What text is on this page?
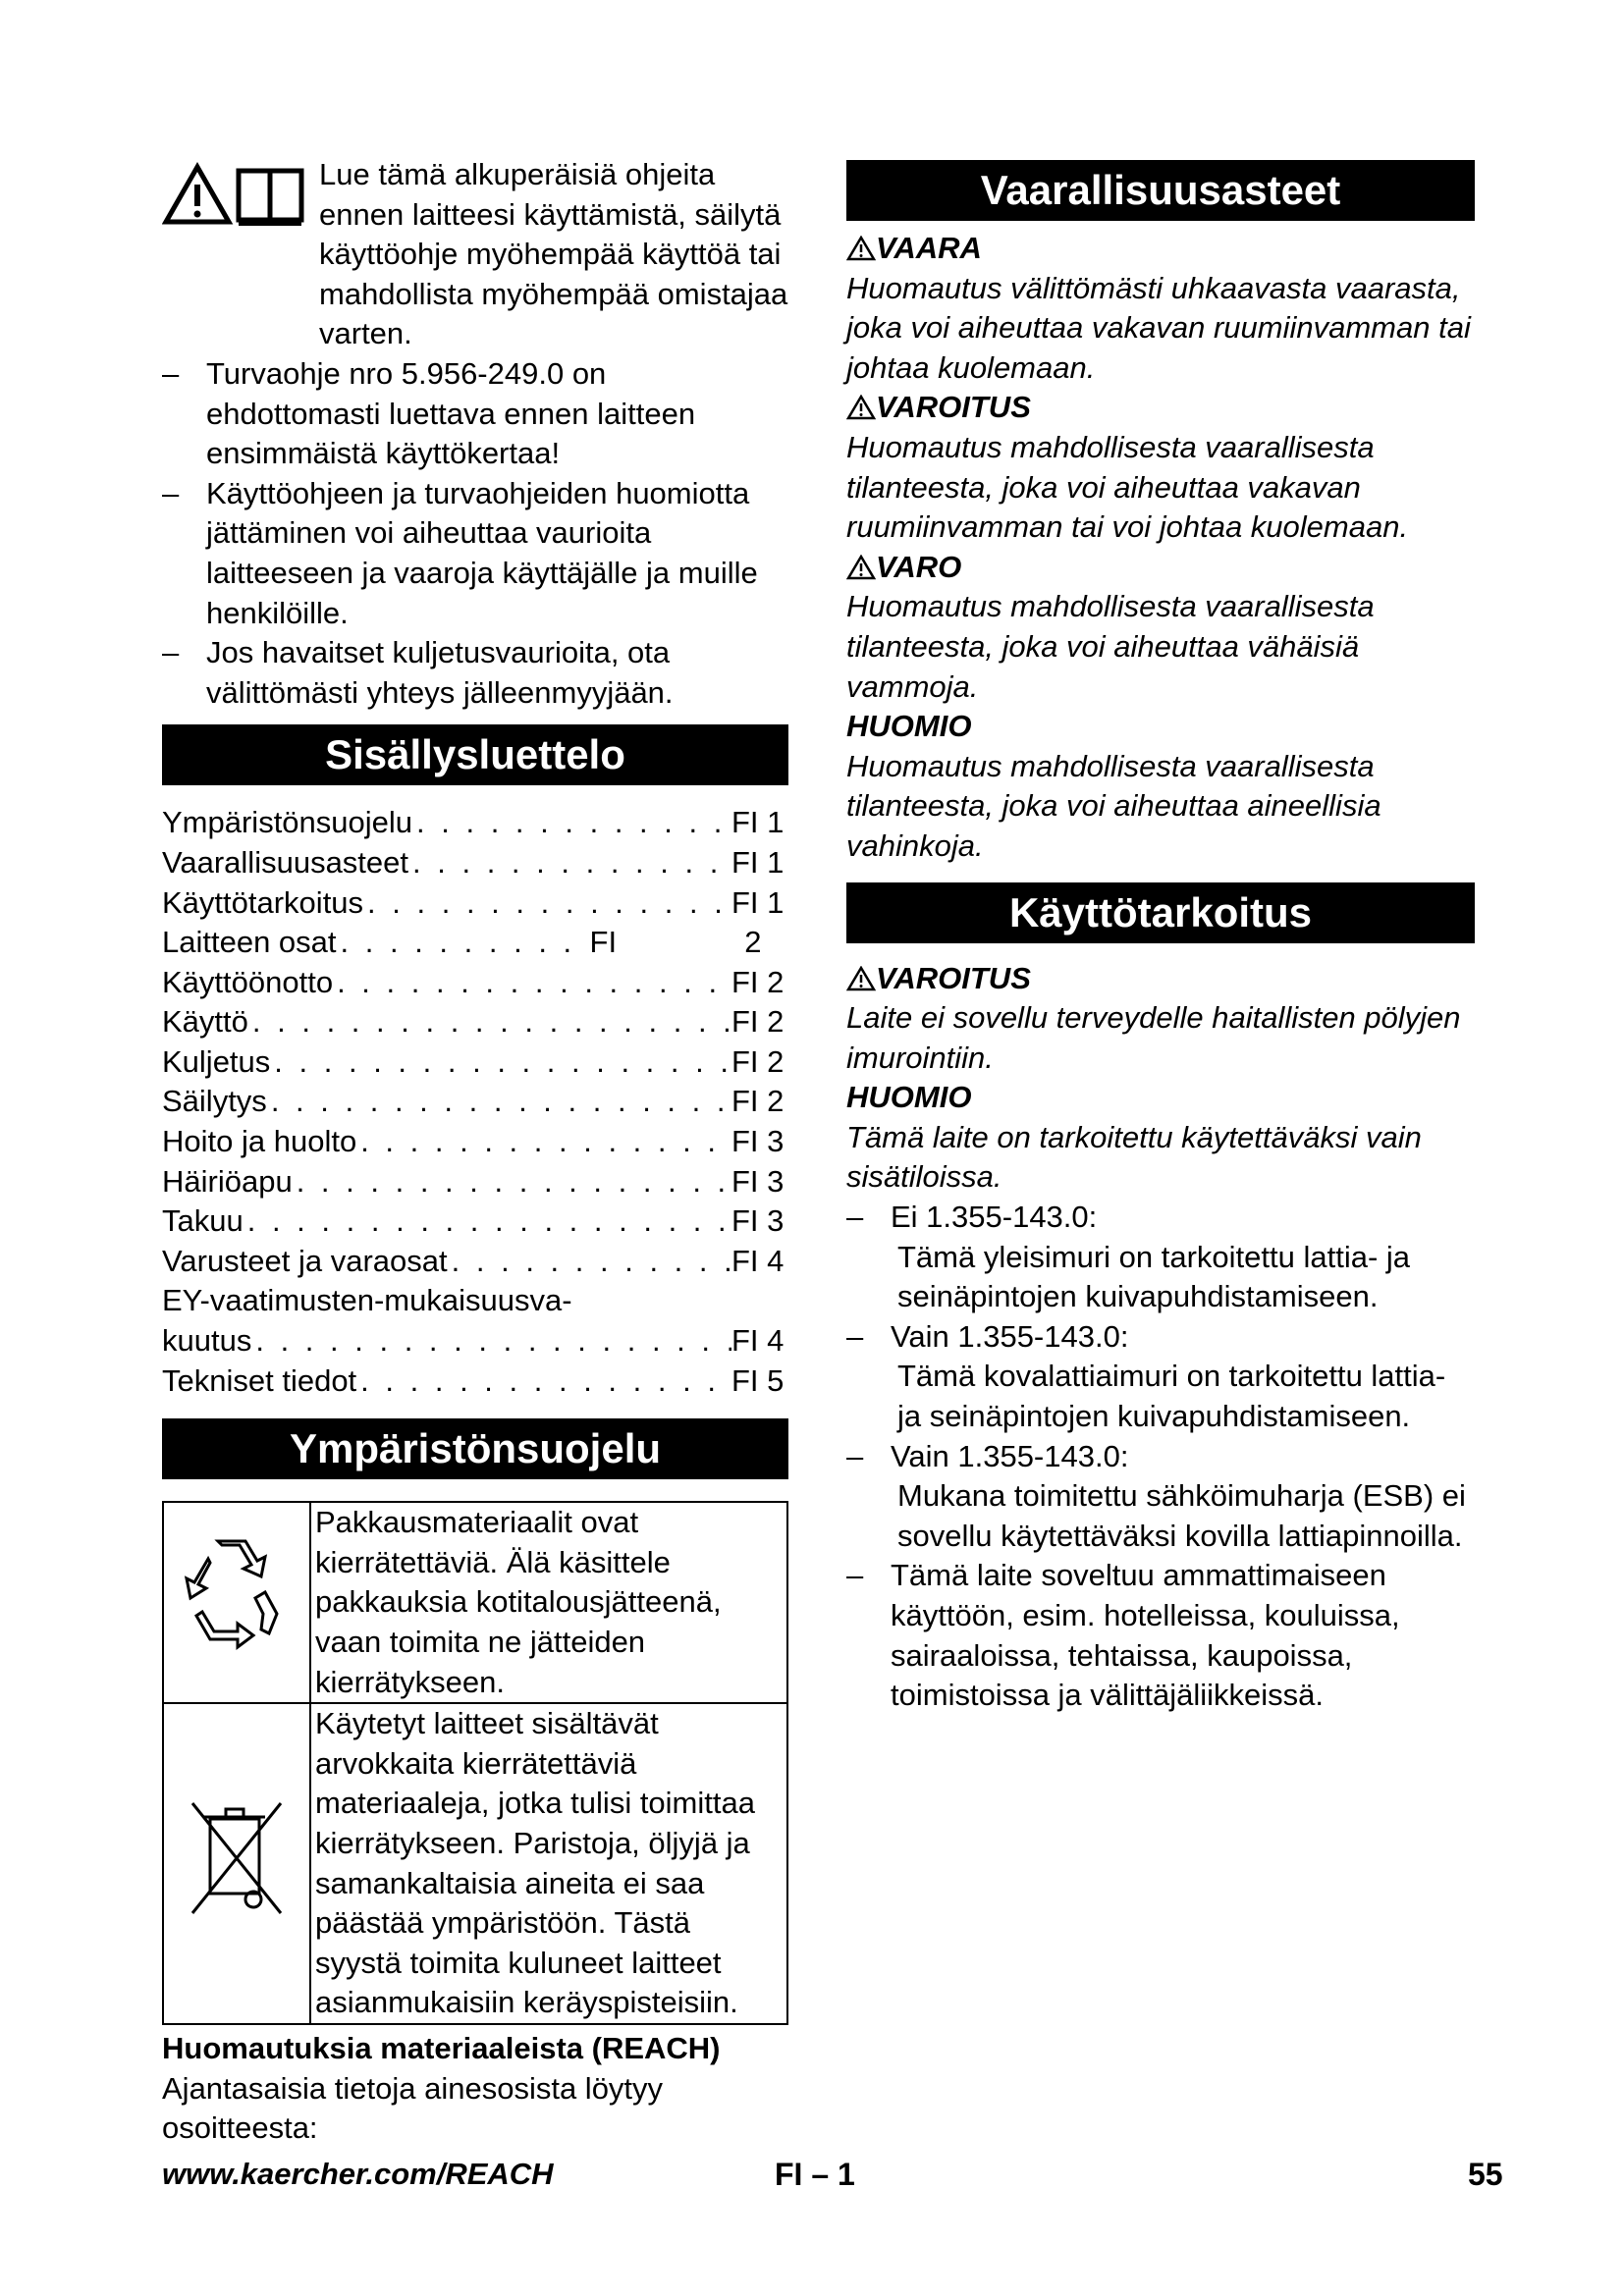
Lue tämä alkuperäisiä ohjeita ennen laitteesi käyttämistä, säilytä käyttöohje myöhempää käyttöä tai mahdollista myöhempää omistajaa varten.
– Turvaohje nro 5.956-249.0 on ehdottomasti luettava ennen laitteen ensimmäistä käyttökertaa!
– Käyttöohjeen ja turvaohjeiden huomiotta jättäminen voi aiheuttaa vaurioita laitteeseen ja vaaroja käyttäjälle ja muille henkilöille.
– Jos havaitset kuljetusvaurioita, ota välittömästi yhteys jälleenmyyjään.
Sisällysluettelo
Ympäristönsuojelu . . .	FI 1
Vaarallisuusasteet . . .	FI 1
Käyttötarkoitus . . .	FI 1
Laitteen osat . . .	FI	2
Käyttöönotto . . .	FI 2
Käyttö . . .	FI 2
Kuljetus . . .	FI 2
Säilytys . . .	FI 2
Hoito ja huolto . . .	FI 3
Häiriöapu . . .	FI 3
Takuu . . .	FI 3
Varusteet ja varaosat . . .	FI 4
EY-vaatimusten-mukaisuusva-
kuutus . . .	FI 4
Tekniset tiedot . . .	FI 5
Ympäristönsuojelu
	Pakkausmateriaalit ovat kierrätettäviä. Älä käsittele pakkauksia kotitalousjätteenä, vaan toimita ne jätteiden kierrätykseen.
	Käytetyt laitteet sisältävät arvokkaita kierrätettäviä materiaaleja, jotka tulisi toimittaa kierrätykseen. Paristoja, öljyjä ja samankaltaisia aineita ei saa päästää ympäristöön. Tästä syystä toimita kuluneet laitteet asianmukaisiin keräyspisteisiin.
Huomautuksia materiaaleista (REACH)
Ajantasaisia tietoja ainesosista löytyy osoitteesta:
www.kaercher.com/REACH
Vaarallisuusasteet
VAARA
Huomautus välittömästi uhkaavasta vaarasta, joka voi aiheuttaa vakavan ruumiinvamman tai johtaa kuolemaan.
VAROITUS
Huomautus mahdollisesta vaarallisesta tilanteesta, joka voi aiheuttaa vakavan ruumiinvamman tai voi johtaa kuolemaan.
VARO
Huomautus mahdollisesta vaarallisesta tilanteesta, joka voi aiheuttaa vähäisiä vammoja.
HUOMIO
Huomautus mahdollisesta vaarallisesta tilanteesta, joka voi aiheuttaa aineellisia vahinkoja.
Käyttötarkoitus
VAROITUS
Laite ei sovellu terveydelle haitallisten pölyjen imurointiin.
HUOMIO
Tämä laite on tarkoitettu käytettäväksi vain sisätiloissa.
– Ei 1.355-143.0:
Tämä yleisimuri on tarkoitettu lattia- ja seinäpintojen kuivapuhdistamiseen.
– Vain 1.355-143.0:
Tämä kovalattiaimuri on tarkoitettu lattia- ja seinäpintojen kuivapuhdistamiseen.
– Vain 1.355-143.0:
Mukana toimitettu sähköimuharja (ESB) ei sovellu käytettäväksi kovilla lattiapinnoilla.
– Tämä laite soveltuu ammattimaiseen käyttöön, esim. hotelleissa, kouluissa, sairaaloissa, tehtaissa, kaupoissa, toimistoissa ja välittäjäliikkeissä.
FI – 1	55
